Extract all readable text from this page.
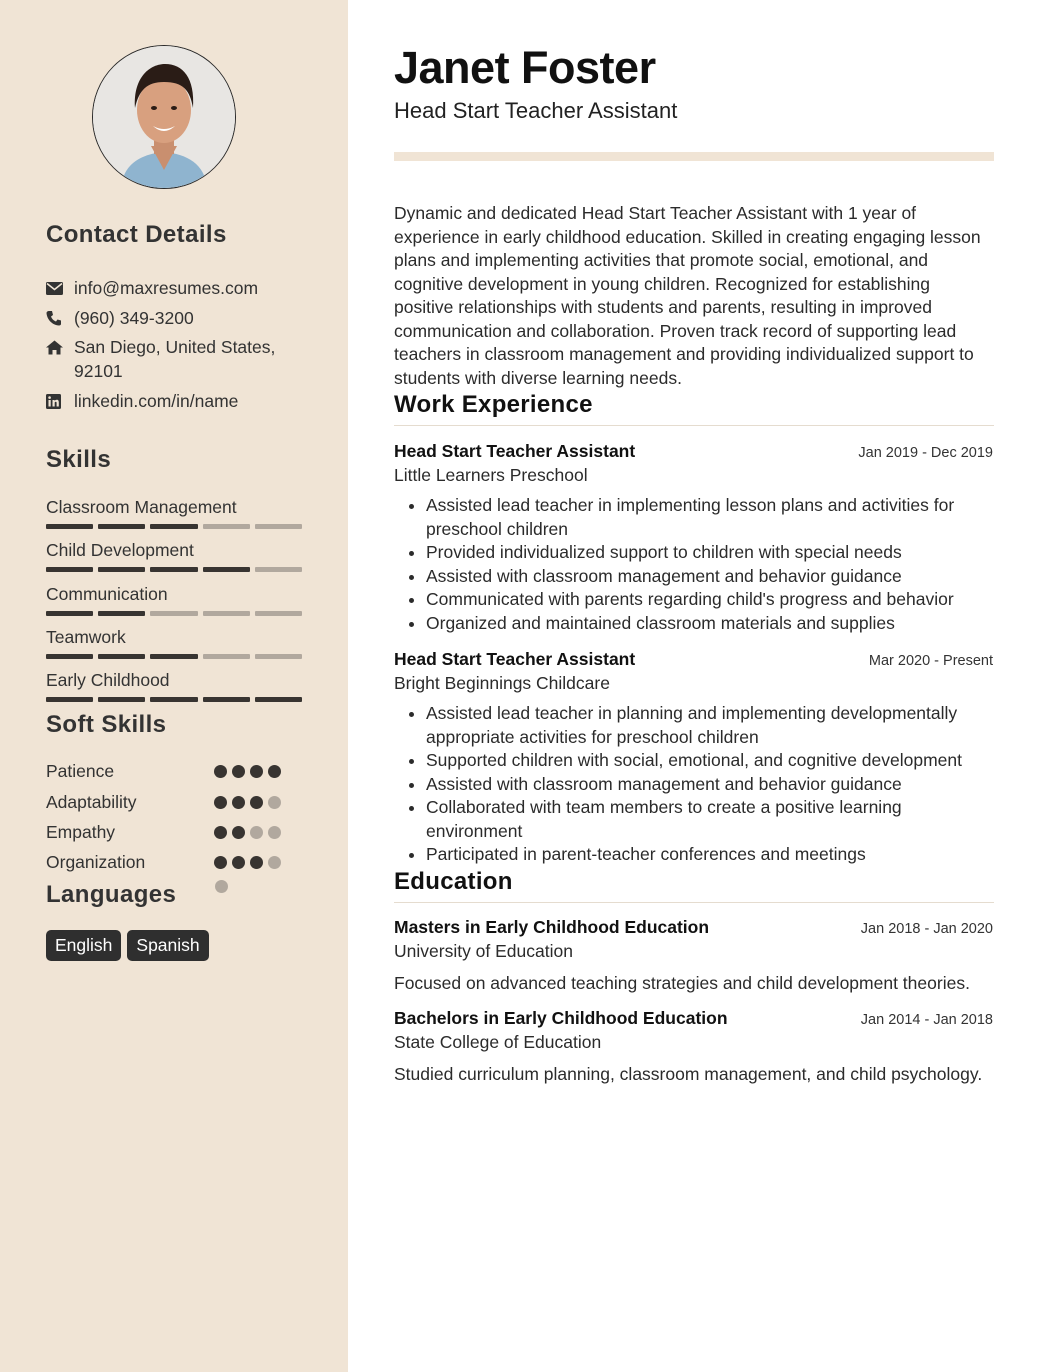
Contact Details
info@maxresumes.com
(960) 349-3200
San Diego, United States, 92101
linkedin.com/in/name
Skills
Classroom Management
Child Development
Communication
Teamwork
Early Childhood
Soft Skills
Patience
Adaptability
Empathy
Organization
Languages
English	Spanish
Janet Foster
Head Start Teacher Assistant
Dynamic and dedicated Head Start Teacher Assistant with 1 year of experience in early childhood education. Skilled in creating engaging lesson plans and implementing activities that promote social, emotional, and cognitive development in young children. Recognized for establishing positive relationships with students and parents, resulting in improved communication and collaboration. Proven track record of supporting lead teachers in classroom management and providing individualized support to students with diverse learning needs.
Work Experience
Head Start Teacher Assistant	Jan 2019 - Dec 2019
Little Learners Preschool
• Assisted lead teacher in implementing lesson plans and activities for preschool children
• Provided individualized support to children with special needs
• Assisted with classroom management and behavior guidance
• Communicated with parents regarding child's progress and behavior
• Organized and maintained classroom materials and supplies
Head Start Teacher Assistant	Mar 2020 - Present
Bright Beginnings Childcare
• Assisted lead teacher in planning and implementing developmentally appropriate activities for preschool children
• Supported children with social, emotional, and cognitive development
• Assisted with classroom management and behavior guidance
• Collaborated with team members to create a positive learning environment
• Participated in parent-teacher conferences and meetings
Education
Masters in Early Childhood Education	Jan 2018 - Jan 2020
University of Education
Focused on advanced teaching strategies and child development theories.
Bachelors in Early Childhood Education	Jan 2014 - Jan 2018
State College of Education
Studied curriculum planning, classroom management, and child psychology.
